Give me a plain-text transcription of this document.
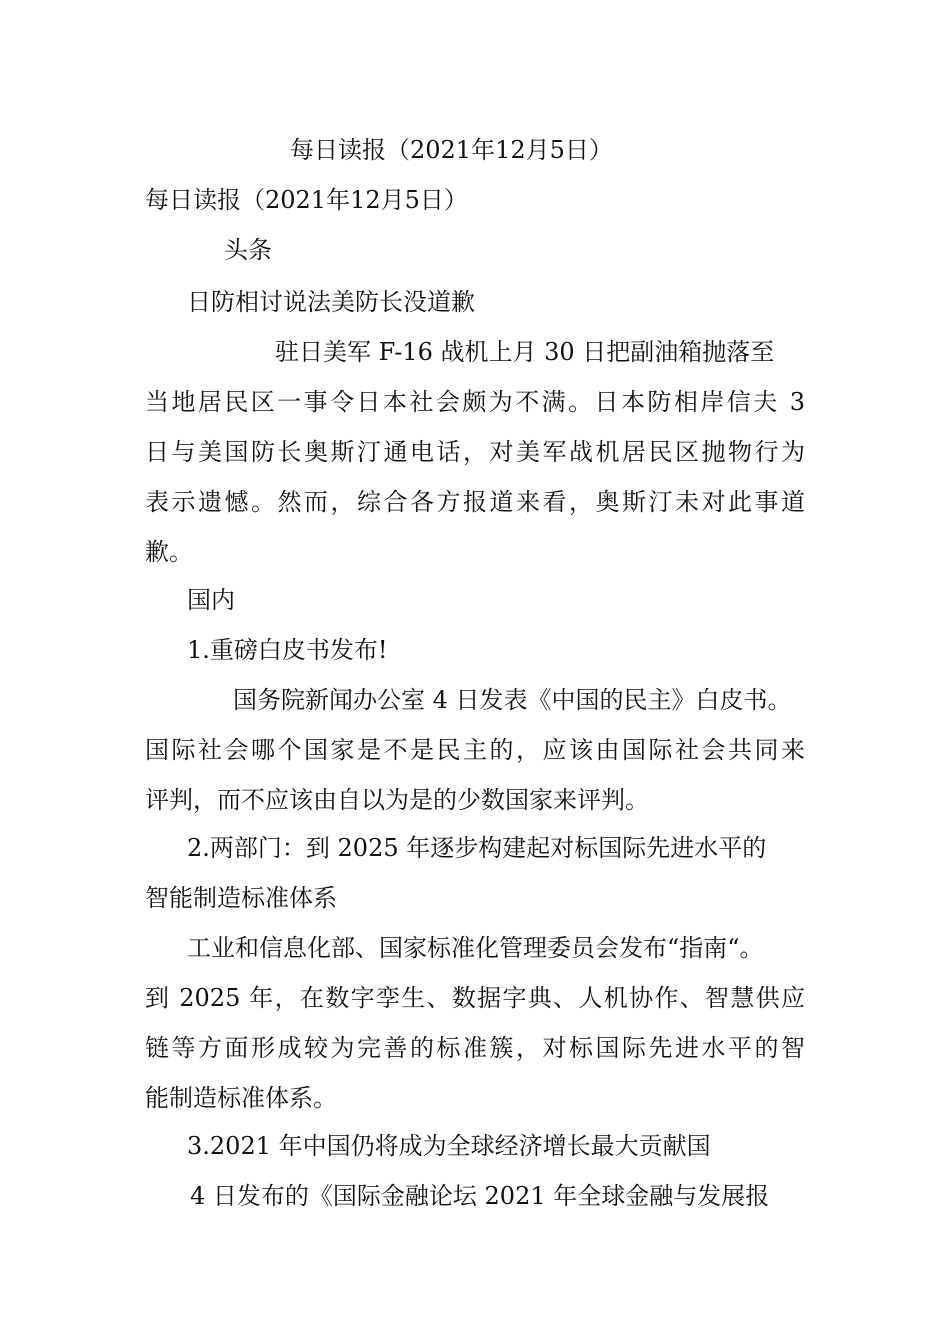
每日读报（2021年12月5日）
每日读报（2021年12月5日）
头条
日防相讨说法美防长没道歉
驻日美军 F-16 战机上月 30 日把副油箱抛落至
当地居民区一事令日本社会颇为不满。日本防相岸信夫 3
日与美国防长奥斯汀通电话，对美军战机居民区抛物行为
表示遗憾。然而，综合各方报道来看，奥斯汀未对此事道
歉。
国内
1.重磅白皮书发布!
国务院新闻办公室 4 日发表《中国的民主》白皮书。
国际社会哪个国家是不是民主的，应该由国际社会共同来
评判，而不应该由自以为是的少数国家来评判。
2.两部门：到 2025 年逐步构建起对标国际先进水平的
智能制造标准体系
工业和信息化部、国家标准化管理委员会发布“指南“。
到 2025 年，在数字孪生、数据字典、人机协作、智慧供应
链等方面形成较为完善的标准簇，对标国际先进水平的智
能制造标准体系。
3.2021 年中国仍将成为全球经济增长最大贡献国
4 日发布的《国际金融论坛 2021 年全球金融与发展报
